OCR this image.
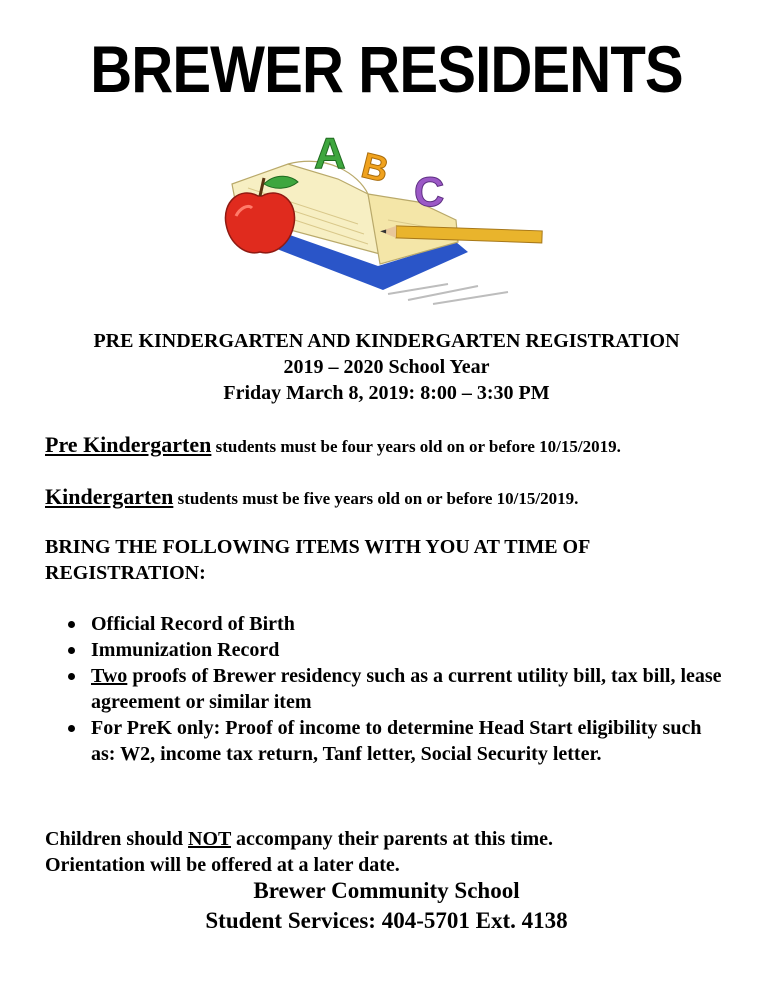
BREWER RESIDENTS
A B
C
PRE KINDERGARTEN AND KINDERGARTEN REGISTRATION
2019 – 2020 School Year
Friday March 8, 2019: 8:00 – 3:30 PM
Pre Kindergarten students must be four years old on or before 10/15/2019.
Kindergarten students must be five years old on or before 10/15/2019.
BRING THE FOLLOWING ITEMS WITH YOU AT TIME OF REGISTRATION:
Official Record of Birth
Immunization Record
Two proofs of Brewer residency such as a current utility bill, tax bill, lease agreement or similar item
For PreK only: Proof of income to determine Head Start eligibility such as: W2, income tax return, Tanf letter, Social Security letter.
Children should NOT accompany their parents at this time.
Orientation will be offered at a later date.
Brewer Community School
Student Services: 404-5701 Ext. 4138
